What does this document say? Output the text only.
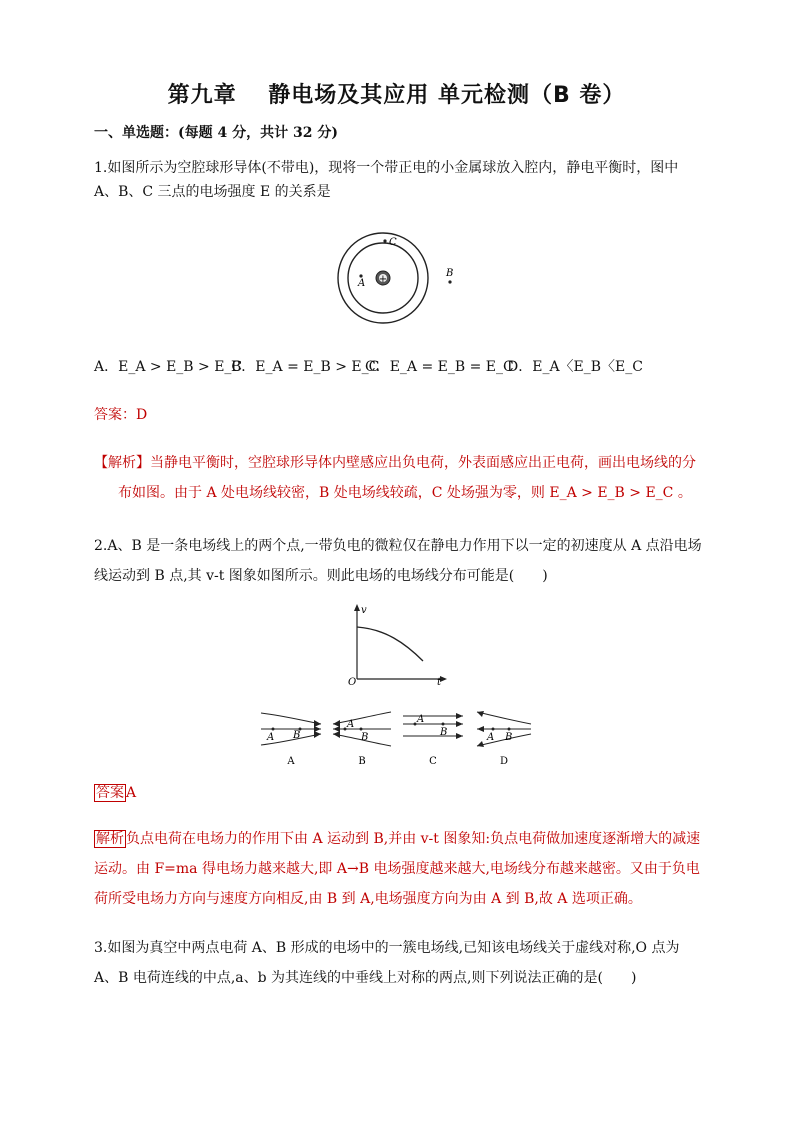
第九章　 静电场及其应用 单元检测（B 卷）
一、单选题：(每题 4 分，共计 32 分)
1.如图所示为空腔球形导体(不带电)，现将一个带正电的小金属球放入腔内，静电平衡时，图中 A、B、C 三点的电场强度 E 的关系是
+
C
A
B
A．E_A > E_B > E_C
B．E_A = E_B > E_C
C．E_A = E_B = E_C
D．E_A〈E_B〈E_C
答案：D
【解析】当静电平衡时，空腔球形导体内壁感应出负电荷，外表面感应出正电荷，画出电场线的分
布如图。由于 A 处电场线较密，B 处电场线较疏，C 处场强为零，则 E_A > E_B > E_C 。
2.A、B 是一条电场线上的两个点,一带负电的微粒仅在静电力作用下以一定的初速度从 A 点沿电场线运动到 B 点,其 v-t 图象如图所示。则此电场的电场线分布可能是(　　)
v
t
O
A B
A
B
A
B	A B
A	B	C	D
答案 A
解析 负点电荷在电场力的作用下由 A 运动到 B,并由 v-t 图象知:负点电荷做加速度逐渐增大的减速运动。由 F=ma 得电场力越来越大,即 A→B 电场强度越来越大,电场线分布越来越密。又由于负电荷所受电场力方向与速度方向相反,由 B 到 A,电场强度方向为由 A 到 B,故 A 选项正确。
3.如图为真空中两点电荷 A、B 形成的电场中的一簇电场线,已知该电场线关于虚线对称,O 点为 A、B 电荷连线的中点,a、b 为其连线的中垂线上对称的两点,则下列说法正确的是(　　)
